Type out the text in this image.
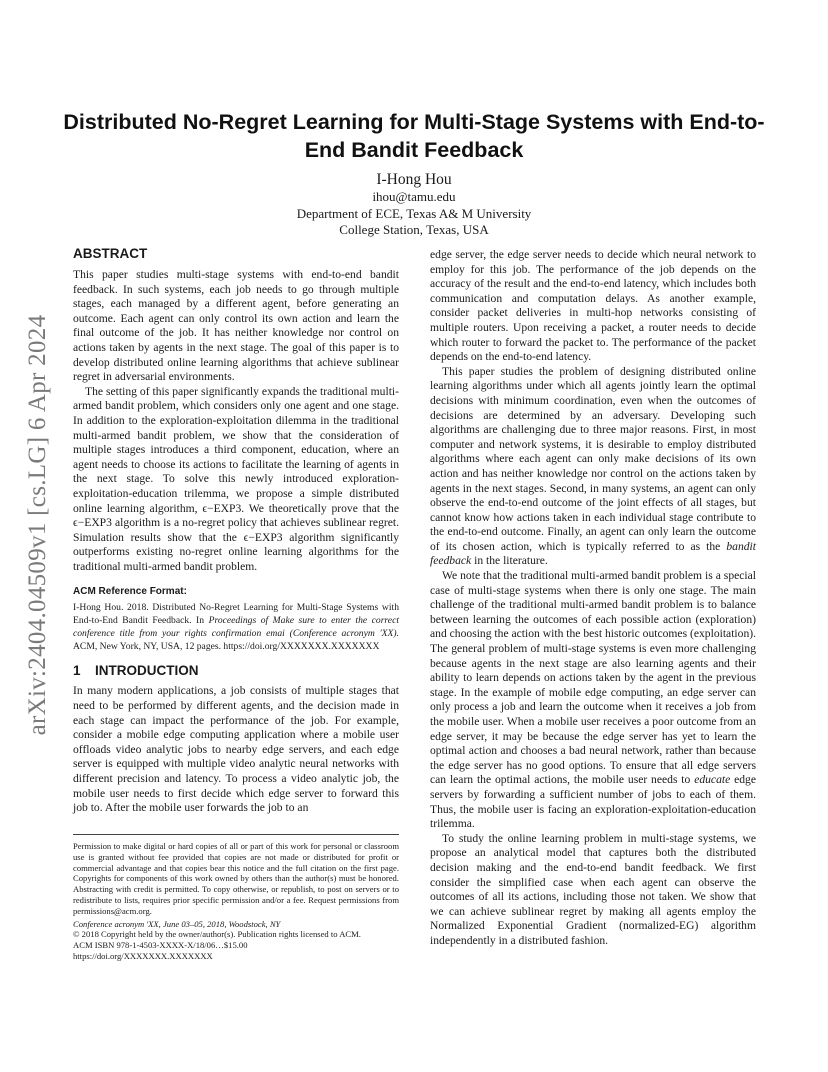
arXiv:2404.04509v1 [cs.LG] 6 Apr 2024
Distributed No-Regret Learning for Multi-Stage Systems with End-to-End Bandit Feedback
I-Hong Hou
ihou@tamu.edu
Department of ECE, Texas A& M University
College Station, Texas, USA
ABSTRACT

This paper studies multi-stage systems with end-to-end bandit feedback. In such systems, each job needs to go through multiple stages, each managed by a different agent, before generating an outcome. Each agent can only control its own action and learn the final outcome of the job. It has neither knowledge nor control on actions taken by agents in the next stage. The goal of this paper is to develop distributed online learning algorithms that achieve sublinear regret in adversarial environments.

The setting of this paper significantly expands the traditional multi-armed bandit problem, which considers only one agent and one stage. In addition to the exploration-exploitation dilemma in the traditional multi-armed bandit problem, we show that the consideration of multiple stages introduces a third component, education, where an agent needs to choose its actions to facilitate the learning of agents in the next stage. To solve this newly introduced exploration-exploitation-education trilemma, we propose a simple distributed online learning algorithm, ϵ−EXP3. We theoretically prove that the ϵ−EXP3 algorithm is a no-regret policy that achieves sublinear regret. Simulation results show that the ϵ−EXP3 algorithm significantly outperforms existing no-regret online learning algorithms for the traditional multi-armed bandit problem.

ACM Reference Format:
I-Hong Hou. 2018. Distributed No-Regret Learning for Multi-Stage Systems with End-to-End Bandit Feedback. In Proceedings of Make sure to enter the correct conference title from your rights confirmation emai (Conference acronym 'XX). ACM, New York, NY, USA, 12 pages. https://doi.org/XXXXXXX.XXXXXXX
1 INTRODUCTION

In many modern applications, a job consists of multiple stages that need to be performed by different agents, and the decision made in each stage can impact the performance of the job. For example, consider a mobile edge computing application where a mobile user offloads video analytic jobs to nearby edge servers, and each edge server is equipped with multiple video analytic neural networks with different precision and latency. To process a video analytic job, the mobile user needs to first decide which edge server to forward this job to. After the mobile user forwards the job to an

edge server, the edge server needs to decide which neural network to employ for this job. The performance of the job depends on the accuracy of the result and the end-to-end latency, which includes both communication and computation delays. As another example, consider packet deliveries in multi-hop networks consisting of multiple routers. Upon receiving a packet, a router needs to decide which router to forward the packet to. The performance of the packet depends on the end-to-end latency.

This paper studies the problem of designing distributed online learning algorithms under which all agents jointly learn the optimal decisions with minimum coordination, even when the outcomes of decisions are determined by an adversary. Developing such algorithms are challenging due to three major reasons. First, in most computer and network systems, it is desirable to employ distributed algorithms where each agent can only make decisions of its own action and has neither knowledge nor control on the actions taken by agents in the next stages. Second, in many systems, an agent can only observe the end-to-end outcome of the joint effects of all stages, but cannot know how actions taken in each individual stage contribute to the end-to-end outcome. Finally, an agent can only learn the outcome of its chosen action, which is typically referred to as the bandit feedback in the literature.

We note that the traditional multi-armed bandit problem is a special case of multi-stage systems when there is only one stage. The main challenge of the traditional multi-armed bandit problem is to balance between learning the outcomes of each possible action (exploration) and choosing the action with the best historic outcomes (exploitation). The general problem of multi-stage systems is even more challenging because agents in the next stage are also learning agents and their ability to learn depends on actions taken by the agent in the previous stage. In the example of mobile edge computing, an edge server can only process a job and learn the outcome when it receives a job from the mobile user. When a mobile user receives a poor outcome from an edge server, it may be because the edge server has yet to learn the optimal action and chooses a bad neural network, rather than because the edge server has no good options. To ensure that all edge servers can learn the optimal actions, the mobile user needs to educate edge servers by forwarding a sufficient number of jobs to each of them. Thus, the mobile user is facing an exploration-exploitation-education trilemma.

To study the online learning problem in multi-stage systems, we propose an analytical model that captures both the distributed decision making and the end-to-end bandit feedback. We first consider the simplified case when each agent can observe the outcomes of all its actions, including those not taken. We show that we can achieve sublinear regret by making all agents employ the Normalized Exponential Gradient (normalized-EG) algorithm independently in a distributed fashion.

Permission to make digital or hard copies of all or part of this work for personal or classroom use is granted without fee provided that copies are not made or distributed for profit or commercial advantage and that copies bear this notice and the full citation on the first page. Copyrights for components of this work owned by others than the author(s) must be honored. Abstracting with credit is permitted. To copy otherwise, or republish, to post on servers or to redistribute to lists, requires prior specific permission and/or a fee. Request permissions from permissions@acm.org.
Conference acronym 'XX, June 03–05, 2018, Woodstock, NY
© 2018 Copyright held by the owner/author(s). Publication rights licensed to ACM.
ACM ISBN 978-1-4503-XXXX-X/18/06…$15.00
https://doi.org/XXXXXXX.XXXXXXX
